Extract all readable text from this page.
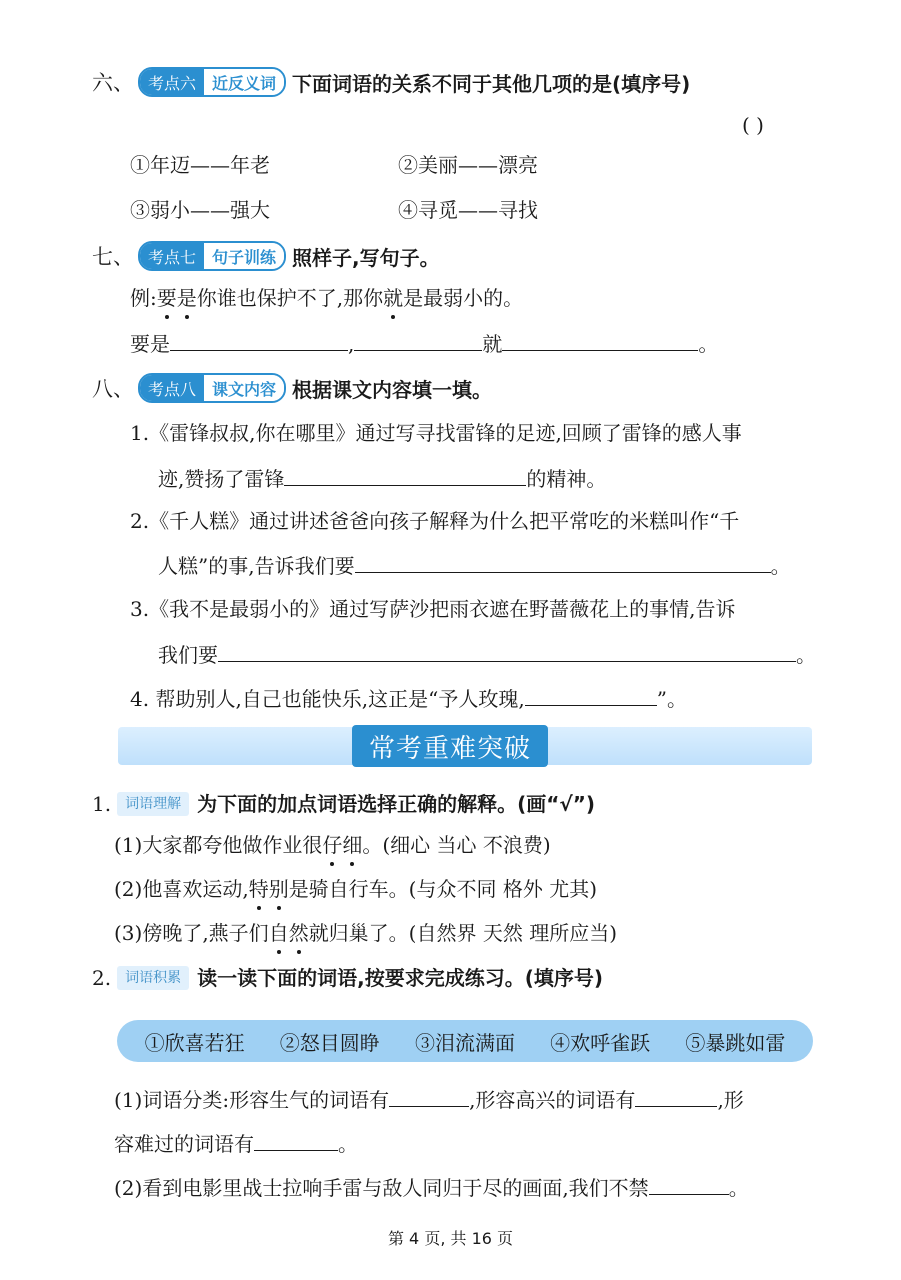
六、 考点六	近反义词 下面词语的关系不同于其他几项的是(填序号)
( )
①年迈——年老	②美丽——漂亮
③弱小——强大	④寻觅——寻找
七、 考点七	句子训练 照样子,写句子。
例:要是你谁也保护不了,那你就是最弱小的。
要是	,	就	。
八、 考点八	课文内容 根据课文内容填一填。
1.《雷锋叔叔,你在哪里》通过写寻找雷锋的足迹,回顾了雷锋的感人事
迹,赞扬了雷锋	的精神。
2.《千人糕》通过讲述爸爸向孩子解释为什么把平常吃的米糕叫作“千
人糕”的事,告诉我们要	。
3.《我不是最弱小的》通过写萨沙把雨衣遮在野蔷薇花上的事情,告诉
我们要	。
4. 帮助别人,自己也能快乐,这正是“予人玫瑰,	”。
常考重难突破
1.	词语理解 为下面的加点词语选择正确的解释。(画“√”)
(1)大家都夸他做作业很仔细。(细心 当心 不浪费)
(2)他喜欢运动,特别是骑自行车。(与众不同 格外 尤其)
(3)傍晚了,燕子们自然就归巢了。(自然界 天然 理所应当)
2.	词语积累 读一读下面的词语,按要求完成练习。(填序号)
①欣喜若狂 ②怒目圆睁 ③泪流满面 ④欢呼雀跃 ⑤暴跳如雷
(1)词语分类:形容生气的词语有	,形容高兴的词语有	,形
容难过的词语有	。
(2)看到电影里战士拉响手雷与敌人同归于尽的画面,我们不禁	。
第 4 页, 共 16 页
